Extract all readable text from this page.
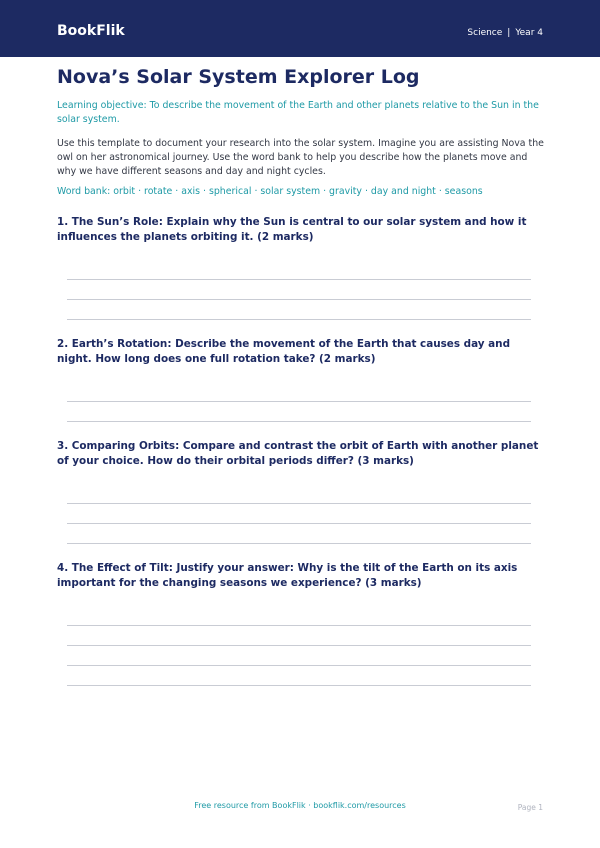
BookFlik	Science | Year 4
Nova’s Solar System Explorer Log

Learning objective: To describe the movement of the Earth and other planets relative to the Sun in the solar system.

Use this template to document your research into the solar system. Imagine you are assisting Nova the owl on her astronomical journey. Use the word bank to help you describe how the planets move and why we have different seasons and day and night cycles.

Word bank: orbit · rotate · axis · spherical · solar system · gravity · day and night · seasons

1. The Sun’s Role: Explain why the Sun is central to our solar system and how it influences the planets orbiting it. (2 marks)
2. Earth’s Rotation: Describe the movement of the Earth that causes day and night. How long does one full rotation take? (2 marks)
3. Comparing Orbits: Compare and contrast the orbit of Earth with another planet of your choice. How do their orbital periods differ? (3 marks)
4. The Effect of Tilt: Justify your answer: Why is the tilt of the Earth on its axis important for the changing seasons we experience? (3 marks)
Free resource from BookFlik · bookflik.com/resources	Page 1
